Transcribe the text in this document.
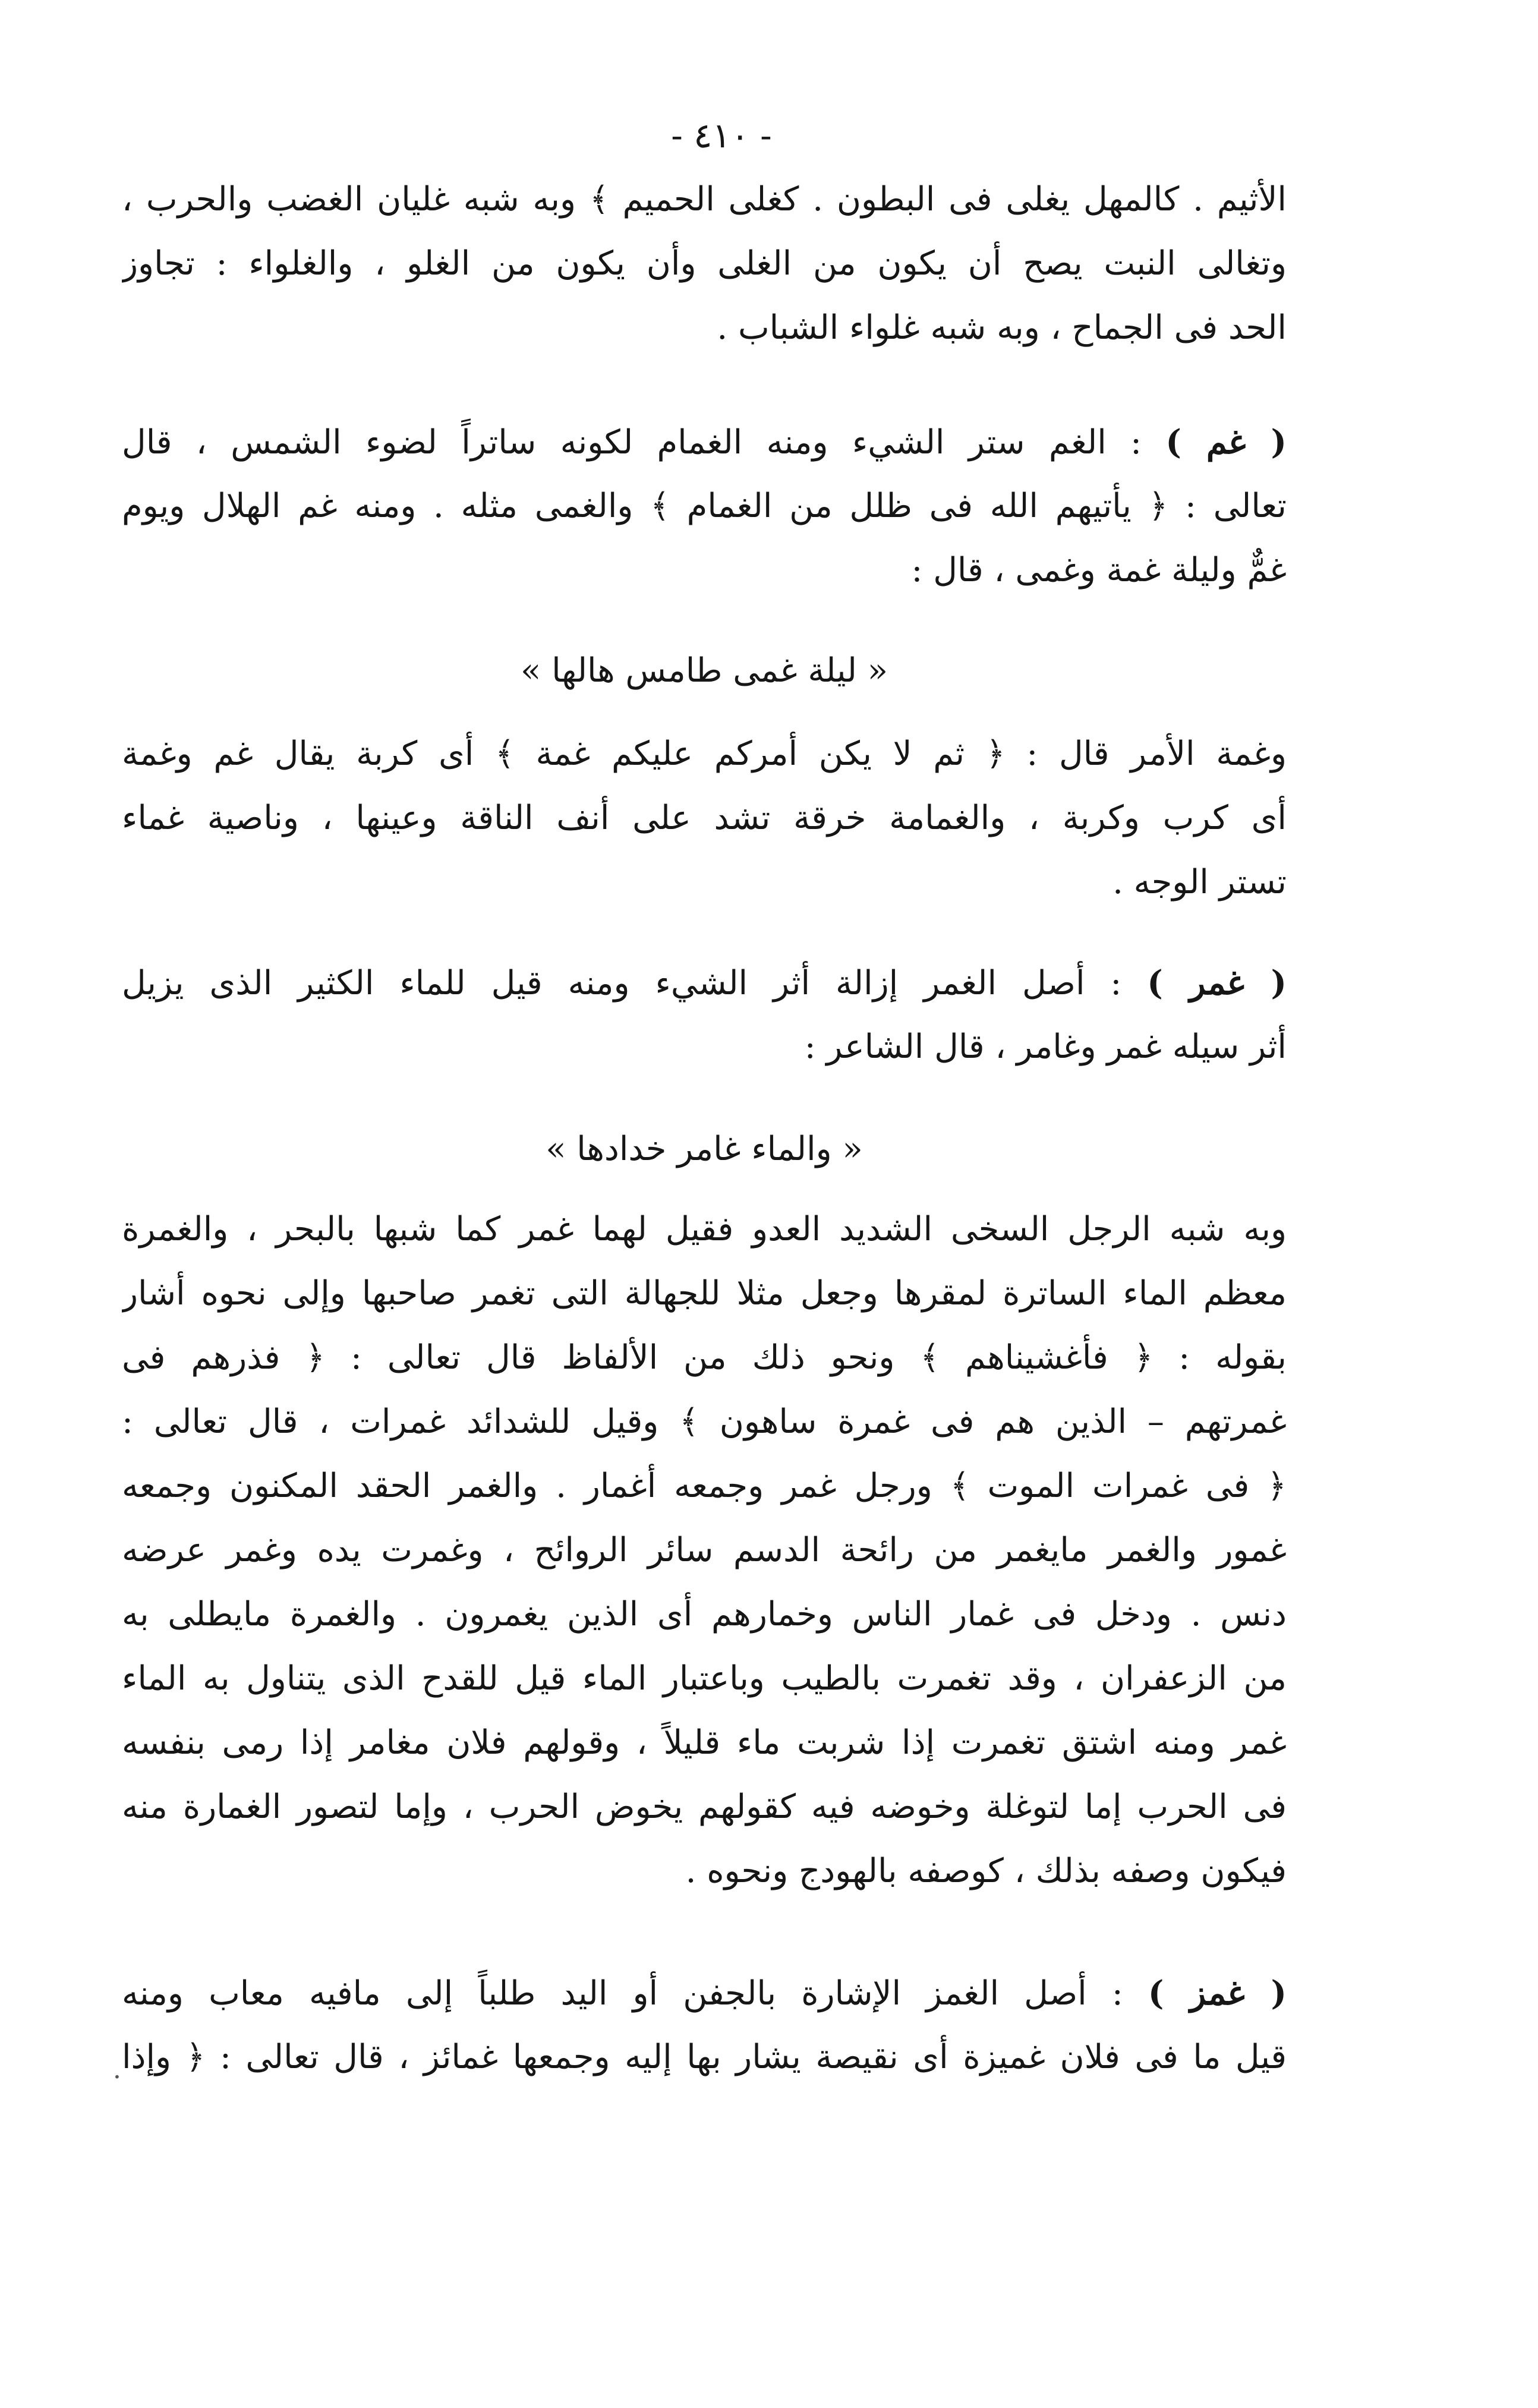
- ٤١٠ -
الأثيم . كالمهل يغلى فى البطون . كغلى الحميم ﴾ وبه شبه غليان الغضب والحرب ،
وتغالى النبت يصح أن يكون من الغلى وأن يكون من الغلو ، والغلواء : تجاوز
الحد فى الجماح ، وبه شبه غلواء الشباب .
( غم ) : الغم ستر الشيء ومنه الغمام لكونه ساتراً لضوء الشمس ، قال
تعالى : ﴿ يأتيهم الله فى ظلل من الغمام ﴾ والغمى مثله . ومنه غم الهلال ويوم
غمٌّ وليلة غمة وغمى ، قال :
« ليلة غمى طامس هالها »
وغمة الأمر قال : ﴿ ثم لا يكن أمركم عليكم غمة ﴾ أى كربة يقال غم وغمة
أى كرب وكربة ، والغمامة خرقة تشد على أنف الناقة وعينها ، وناصية غماء
تستر الوجه .
( غمر ) : أصل الغمر إزالة أثر الشيء ومنه قيل للماء الكثير الذى يزيل
أثر سيله غمر وغامر ، قال الشاعر :
« والماء غامر خدادها »
وبه شبه الرجل السخى الشديد العدو فقيل لهما غمر كما شبها بالبحر ، والغمرة
معظم الماء الساترة لمقرها وجعل مثلا للجهالة التى تغمر صاحبها وإلى نحوه أشار
بقوله : ﴿ فأغشيناهم ﴾ ونحو ذلك من الألفاظ قال تعالى : ﴿ فذرهم فى
غمرتهم – الذين هم فى غمرة ساهون ﴾ وقيل للشدائد غمرات ، قال تعالى :
﴿ فى غمرات الموت ﴾ ورجل غمر وجمعه أغمار . والغمر الحقد المكنون وجمعه
غمور والغمر مايغمر من رائحة الدسم سائر الروائح ، وغمرت يده وغمر عرضه
دنس . ودخل فى غمار الناس وخمارهم أى الذين يغمرون . والغمرة مايطلى به
من الزعفران ، وقد تغمرت بالطيب وباعتبار الماء قيل للقدح الذى يتناول به الماء
غمر ومنه اشتق تغمرت إذا شربت ماء قليلاً ، وقولهم فلان مغامر إذا رمى بنفسه
فى الحرب إما لتوغلة وخوضه فيه كقولهم يخوض الحرب ، وإما لتصور الغمارة منه
فيكون وصفه بذلك ، كوصفه بالهودج ونحوه .
( غمز ) : أصل الغمز الإشارة بالجفن أو اليد طلباً إلى مافيه معاب ومنه
قيل ما فى فلان غميزة أى نقيصة يشار بها إليه وجمعها غمائز ، قال تعالى : ﴿ وإذا
·
